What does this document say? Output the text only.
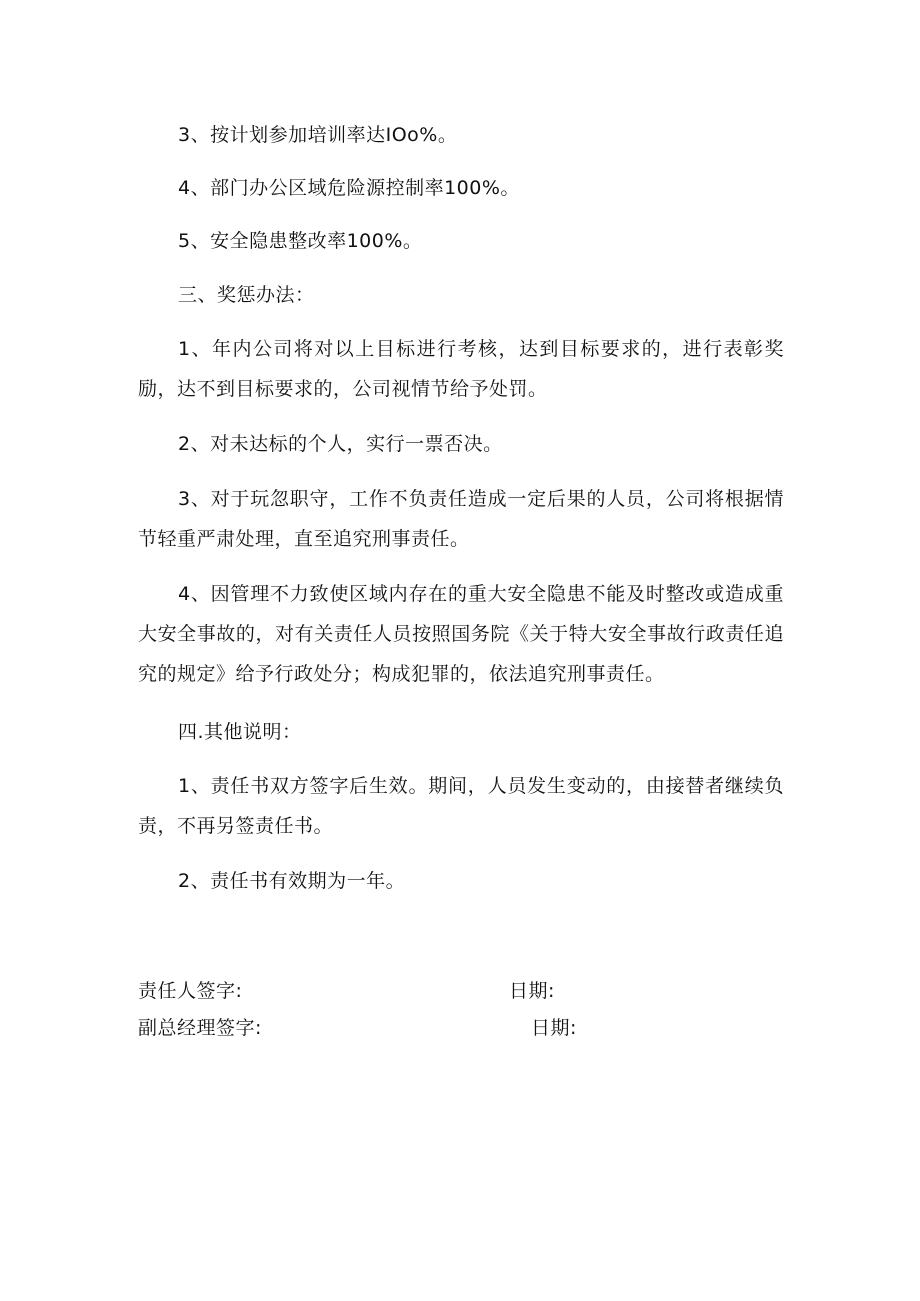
3、按计划参加培训率达IOo%。

4、部门办公区域危险源控制率100%。

5、安全隐患整改率100%。

三、奖惩办法：

1、年内公司将对以上目标进行考核，达到目标要求的，进行表彰奖励，达不到目标要求的，公司视情节给予处罚。

2、对未达标的个人，实行一票否决。

3、对于玩忽职守，工作不负责任造成一定后果的人员，公司将根据情节轻重严肃处理，直至追究刑事责任。

4、因管理不力致使区域内存在的重大安全隐患不能及时整改或造成重大安全事故的，对有关责任人员按照国务院《关于特大安全事故行政责任追究的规定》给予行政处分；构成犯罪的，依法追究刑事责任。

四.其他说明：

1、责任书双方签字后生效。期间，人员发生变动的，由接替者继续负责，不再另签责任书。

2、责任书有效期为一年。

责任人签字:	日期:

副总经理签字:	日期:
